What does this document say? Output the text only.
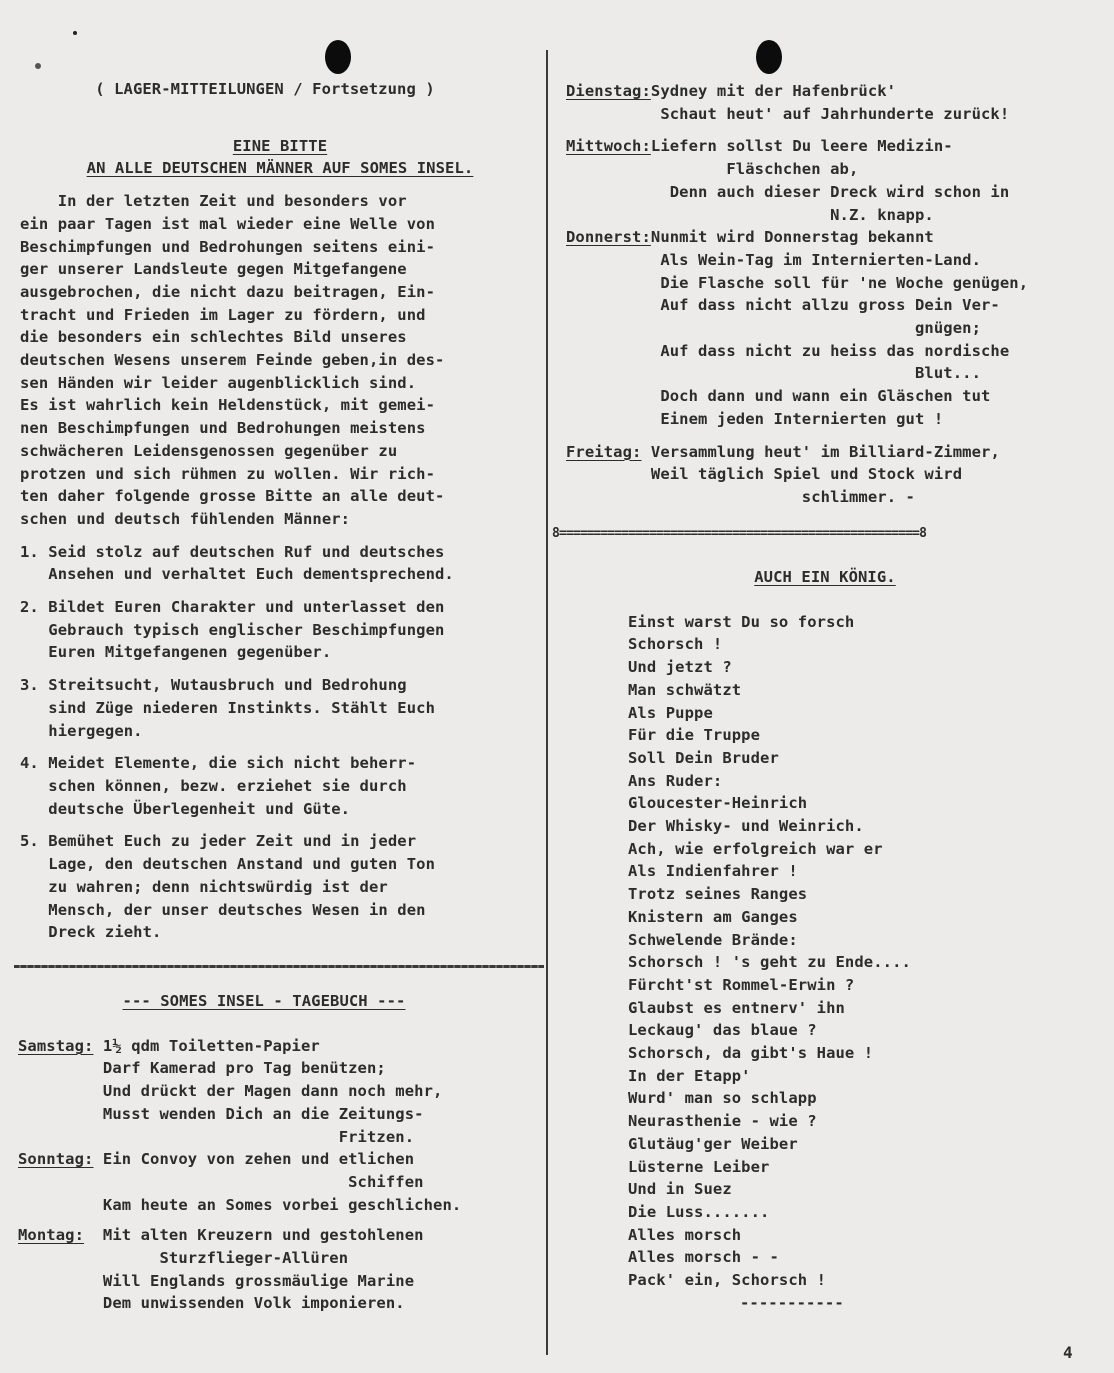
( LAGER-MITTEILUNGEN / Fortsetzung )
EINE BITTE
AN ALLE DEUTSCHEN MÄNNER AUF SOMES INSEL.
In der letzten Zeit und besonders vor
ein paar Tagen ist mal wieder eine Welle von
Beschimpfungen und Bedrohungen seitens eini-
ger unserer Landsleute gegen Mitgefangene
ausgebrochen, die nicht dazu beitragen, Ein-
tracht und Frieden im Lager zu fördern, und
die besonders ein schlechtes Bild unseres
deutschen Wesens unserem Feinde geben,in des-
sen Händen wir leider augenblicklich sind.
Es ist wahrlich kein Heldenstück, mit gemei-
nen Beschimpfungen und Bedrohungen meistens
schwächeren Leidensgenossen gegenüber zu
protzen und sich rühmen zu wollen. Wir rich-
ten daher folgende grosse Bitte an alle deut-
schen und deutsch fühlenden Männer:
1. Seid stolz auf deutschen Ruf und deutsches
Ansehen und verhaltet Euch dementsprechend.
2. Bildet Euren Charakter und unterlasset den
Gebrauch typisch englischer Beschimpfungen
Euren Mitgefangenen gegenüber.
3. Streitsucht, Wutausbruch und Bedrohung
sind Züge niederen Instinkts. Stählt Euch
hiergegen.
4. Meidet Elemente, die sich nicht beherr-
schen können, bezw. erziehet sie durch
deutsche Überlegenheit und Güte.
5. Bemühet Euch zu jeder Zeit und in jeder
Lage, den deutschen Anstand und guten Ton
zu wahren; denn nichtswürdig ist der
Mensch, der unser deutsches Wesen in den
Dreck zieht.
--- SOMES INSEL - TAGEBUCH ---
Samstag: 1½ qdm Toiletten-Papier
Darf Kamerad pro Tag benützen;
Und drückt der Magen dann noch mehr,
Musst wenden Dich an die Zeitungs-
Fritzen.
Sonntag: Ein Convoy von zehen und etlichen
Schiffen
Kam heute an Somes vorbei geschlichen.
Montag:	Mit alten Kreuzern und gestohlenen
Sturzflieger-Allüren
Will Englands grossmäulige Marine
Dem unwissenden Volk imponieren.
Dienstag: Sydney mit der Hafenbrück'
Schaut heut' auf Jahrhunderte zurück!
Mittwoch: Liefern sollst Du leere Medizin-
Fläschchen ab,
Denn auch dieser Dreck wird schon in
N.Z. knapp.
Donnerst: Nunmit wird Donnerstag bekannt
Als Wein-Tag im Internierten-Land.
Die Flasche soll für 'ne Woche genügen,
Auf dass nicht allzu gross Dein Ver-
gnügen;
Auf dass nicht zu heiss das nordische
Blut...
Doch dann und wann ein Gläschen tut
Einem jeden Internierten gut !
Freitag: Versammlung heut' im Billiard-Zimmer,
Weil täglich Spiel und Stock wird
schlimmer. -
8====================================================8
AUCH EIN KÖNIG.
Einst warst Du so forsch
Schorsch !
Und jetzt ?
Man schwätzt
Als Puppe
Für die Truppe
Soll Dein Bruder
Ans Ruder:
Gloucester-Heinrich
Der Whisky- und Weinrich.
Ach, wie erfolgreich war er
Als Indienfahrer !
Trotz seines Ranges
Knistern am Ganges
Schwelende Brände:
Schorsch ! 's geht zu Ende....
Fürcht'st Rommel-Erwin ?
Glaubst es entnerv' ihn
Leckaug' das blaue ?
Schorsch, da gibt's Haue !
In der Etapp'
Wurd' man so schlapp
Neurasthenie - wie ?
Glutäug'ger Weiber
Lüsterne Leiber
Und in Suez
Die Luss.......
Alles morsch
Alles morsch - -
Pack' ein, Schorsch !
-----------
4
